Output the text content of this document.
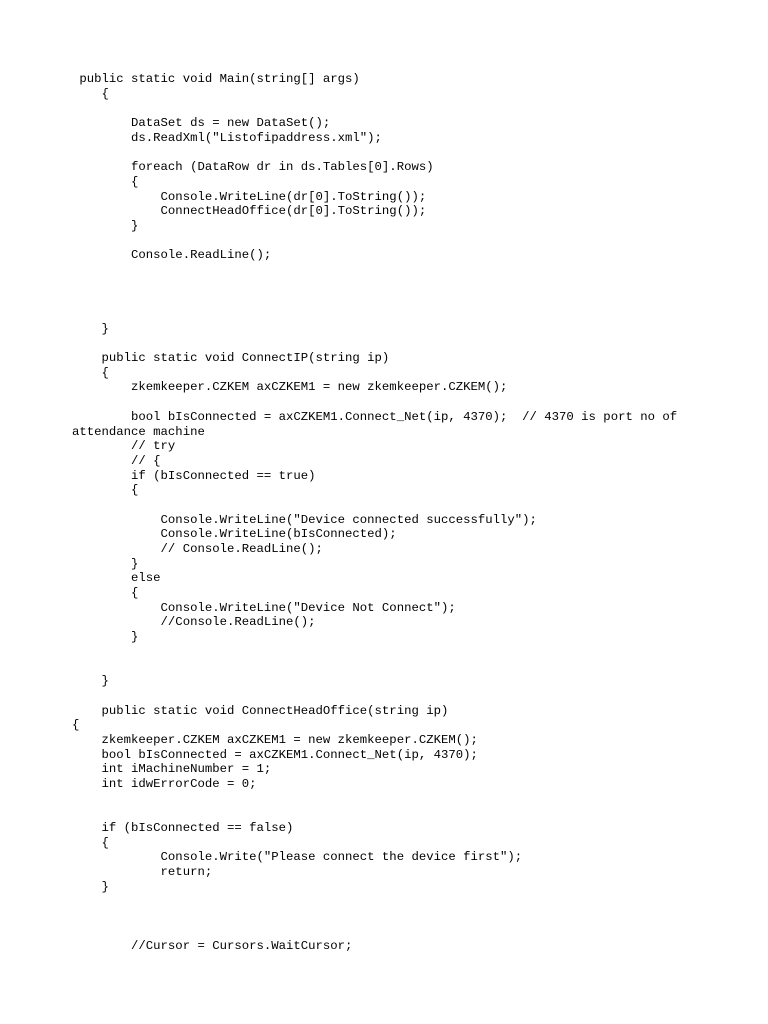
public static void Main(string[] args)
{
DataSet ds = new DataSet();
ds.ReadXml("Listofipaddress.xml");
foreach (DataRow dr in ds.Tables[0].Rows)
{
Console.WriteLine(dr[0].ToString());
ConnectHeadOffice(dr[0].ToString());
}
Console.ReadLine();
}
public static void ConnectIP(string ip)
{
zkemkeeper.CZKEM axCZKEM1 = new zkemkeeper.CZKEM();
bool bIsConnected = axCZKEM1.Connect_Net(ip, 4370);  // 4370 is port no of
attendance machine
// try
// {
if (bIsConnected == true)
{
Console.WriteLine("Device connected successfully");
Console.WriteLine(bIsConnected);
// Console.ReadLine();
}
else
{
Console.WriteLine("Device Not Connect");
//Console.ReadLine();
}
}
public static void ConnectHeadOffice(string ip)
{
zkemkeeper.CZKEM axCZKEM1 = new zkemkeeper.CZKEM();
bool bIsConnected = axCZKEM1.Connect_Net(ip, 4370);
int iMachineNumber = 1;
int idwErrorCode = 0;
if (bIsConnected == false)
{
Console.Write("Please connect the device first");
return;
}
//Cursor = Cursors.WaitCursor;
